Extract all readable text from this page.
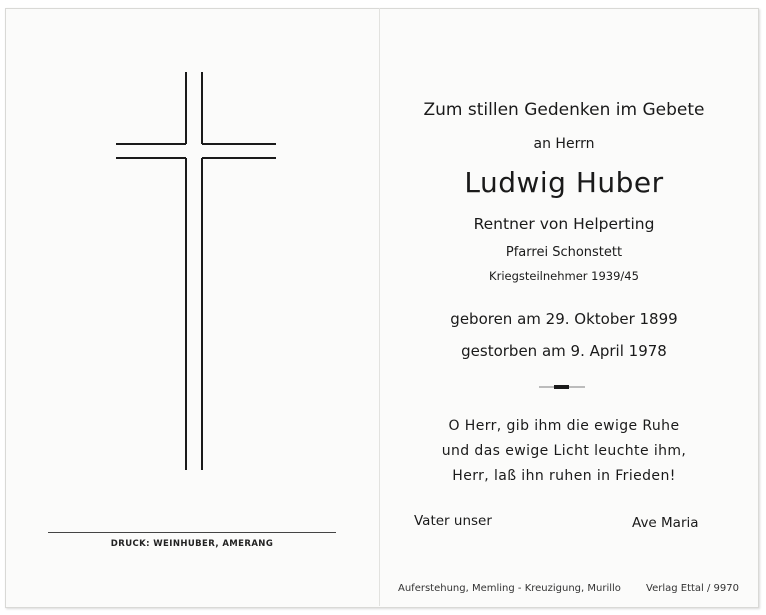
DRUCK: WEINHUBER, AMERANG
Zum stillen Gedenken im Gebete
an Herrn
Ludwig Huber
Rentner von Helperting
Pfarrei Schonstett
Kriegsteilnehmer 1939/45
geboren am 29. Oktober 1899
gestorben am 9. April 1978
O Herr, gib ihm die ewige Ruhe
und das ewige Licht leuchte ihm,
Herr, laß ihn ruhen in Frieden!
Vater unser	Ave Maria
Auferstehung, Memling - Kreuzigung, Murillo	Verlag Ettal / 9970
